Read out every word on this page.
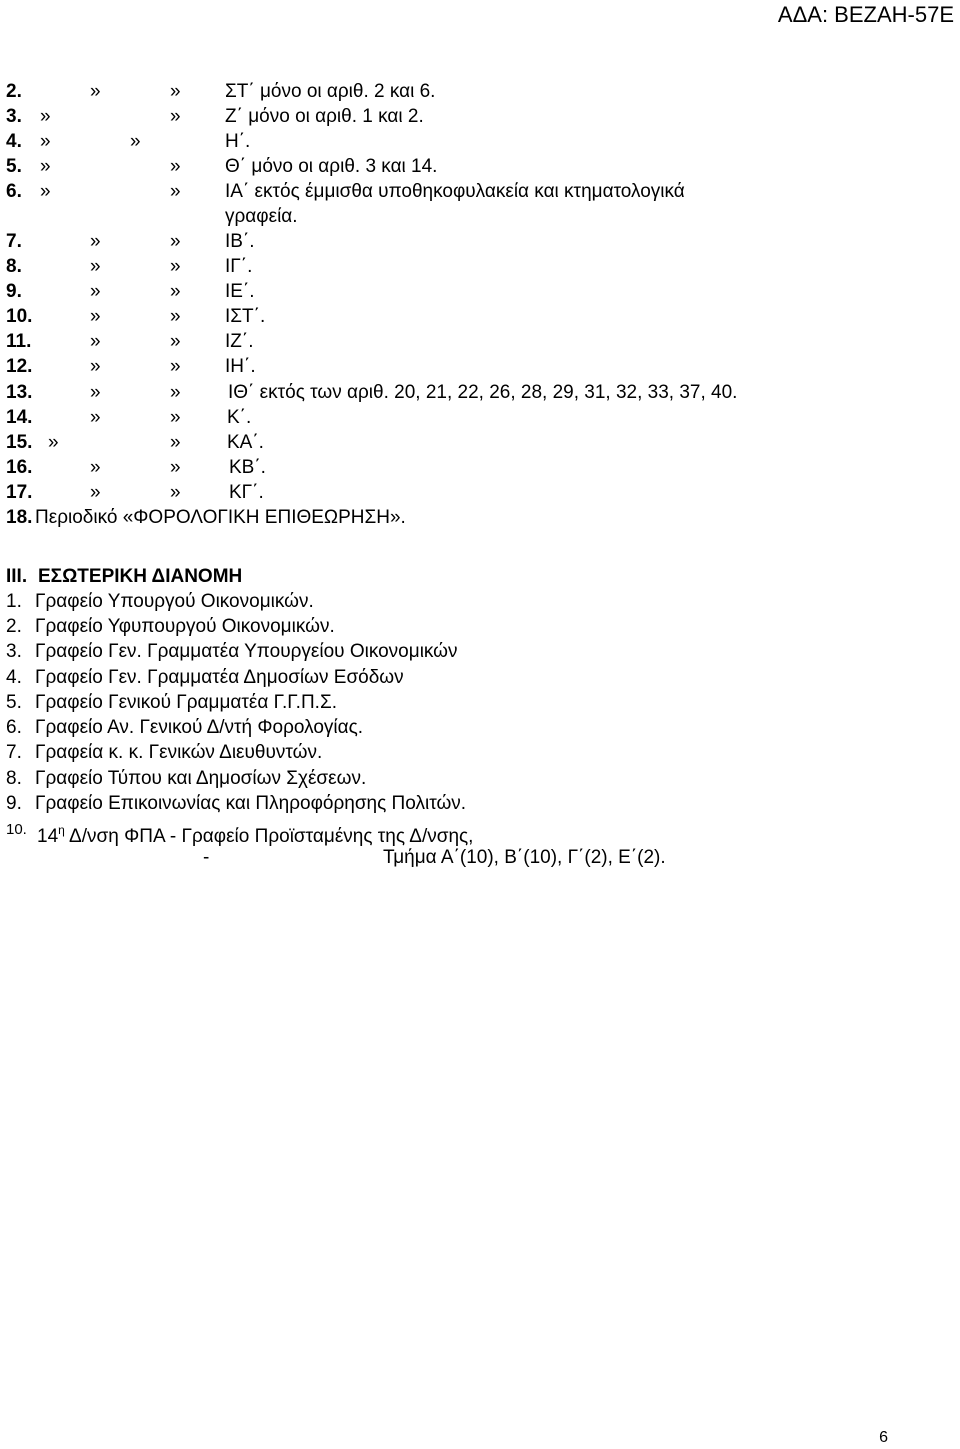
ΑΔΑ: ΒΕΖΑΗ-57Ε
2.	»	» ΣΤ΄ μόνο οι αριθ. 2 και 6.
3. »	» Ζ΄ μόνο οι αριθ. 1 και 2.
4. »	»	Η΄.
5. »	» Θ΄ μόνο οι αριθ. 3 και 14.
6. »	» ΙΑ΄ εκτός έμμισθα υποθηκοφυλακεία και κτηματολογικά
γραφεία.
7.	»	» ΙΒ΄.
8.	»	» ΙΓ΄.
9.	»	» ΙΕ΄.
10.	»	» ΙΣΤ΄.
11.	»	» ΙΖ΄.
12.	»	» ΙΗ΄.
13.	»	» ΙΘ΄ εκτός των αριθ. 20, 21, 22, 26, 28, 29, 31, 32, 33, 37, 40.
14.	»	» Κ΄.
15. »	» ΚΑ΄.
16.	»	»	ΚΒ΄.
17.	»	»	ΚΓ΄.
18. Περιοδικό «ΦΟΡΟΛΟΓΙΚΗ ΕΠΙΘΕΩΡΗΣΗ».
III. ΕΣΩΤΕΡΙΚΗ ΔΙΑΝΟΜΗ
1. Γραφείο Υπουργού Οικονομικών.
2. Γραφείο Υφυπουργού Οικονομικών.
3. Γραφείο Γεν. Γραμματέα Υπουργείου Οικονομικών
4. Γραφείο Γεν. Γραμματέα Δημοσίων Εσόδων
5. Γραφείο Γενικού Γραμματέα Γ.Γ.Π.Σ.
6. Γραφείο Αν. Γενικού Δ/ντή Φορολογίας.
7. Γραφεία κ. κ. Γενικών Διευθυντών.
8. Γραφείο Τύπου και Δημοσίων Σχέσεων.
9. Γραφείο Επικοινωνίας και Πληροφόρησης Πολιτών.
10. $14^\eta$ Δ/νση ΦΠΑ - Γραφείο Προϊσταμένης της Δ/νσης,
-	Τμήμα Α΄(10), Β΄(10), Γ΄(2), Ε΄(2).
6
